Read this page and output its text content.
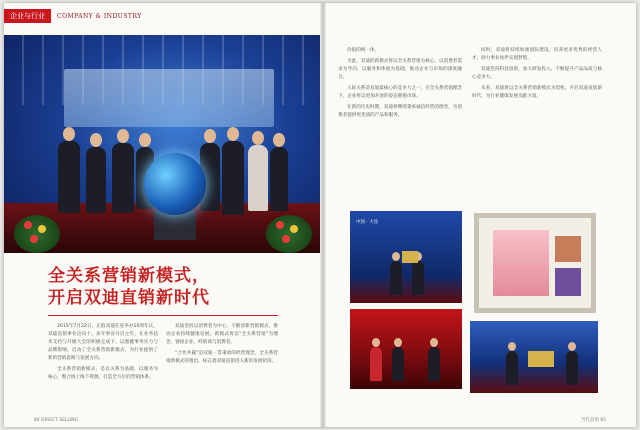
企业与行业	COMPANY & INDUSTRY
全关系营销新模式，
开启双迪直销新时代

2015年7月22日，正值双迪在连举办10周年庆，双迪直销事业迈向十。多年事业开启之年，在业务技术支持与升级大会的积极完成下，以强健事务实力与品牌影响，启动了全关系营销新模式，为行业提供了新的营销思路与发展方向。

全关系营销新模式，是以关系为基础，以服务为核心，整合线上线下资源，打造全方位的营销体系。

双迪坚持以消费者为中心，不断创新营销模式，推动企业持续健康发展。新模式将以“全关系营销”为理念，链接企业、经销商与消费者。

“合作共赢”是双迪一贯秉承的经营理念，全关系营销新模式的推出，标志着双迪直销进入新的发展阶段。

价值的统一体。

为此，双迪的新模式将以全关系营销为核心，以消费者需求为导向，以服务和体验为基础，推动企业与市场的深度融合。

人际关系是双迪最核心的竞争力之一，在全关系营销理念下，企业将以更加开放的姿态拥抱市场。

在新的历史时期，双迪将继续秉承诚信经营的理念，为消费者提供更优质的产品和服务。

同时，双迪将持续加强团队建设，培养更多优秀的经营人才，助力事业伙伴实现梦想。

双迪坚持科技创新，加大研发投入，不断提升产品品质与核心竞争力。

未来，双迪将以全关系营销新模式为契机，开启双迪直销新时代，为行业健康发展贡献力量。

中国 · 大连
84 DIRECT SELLING	当代直销 85
